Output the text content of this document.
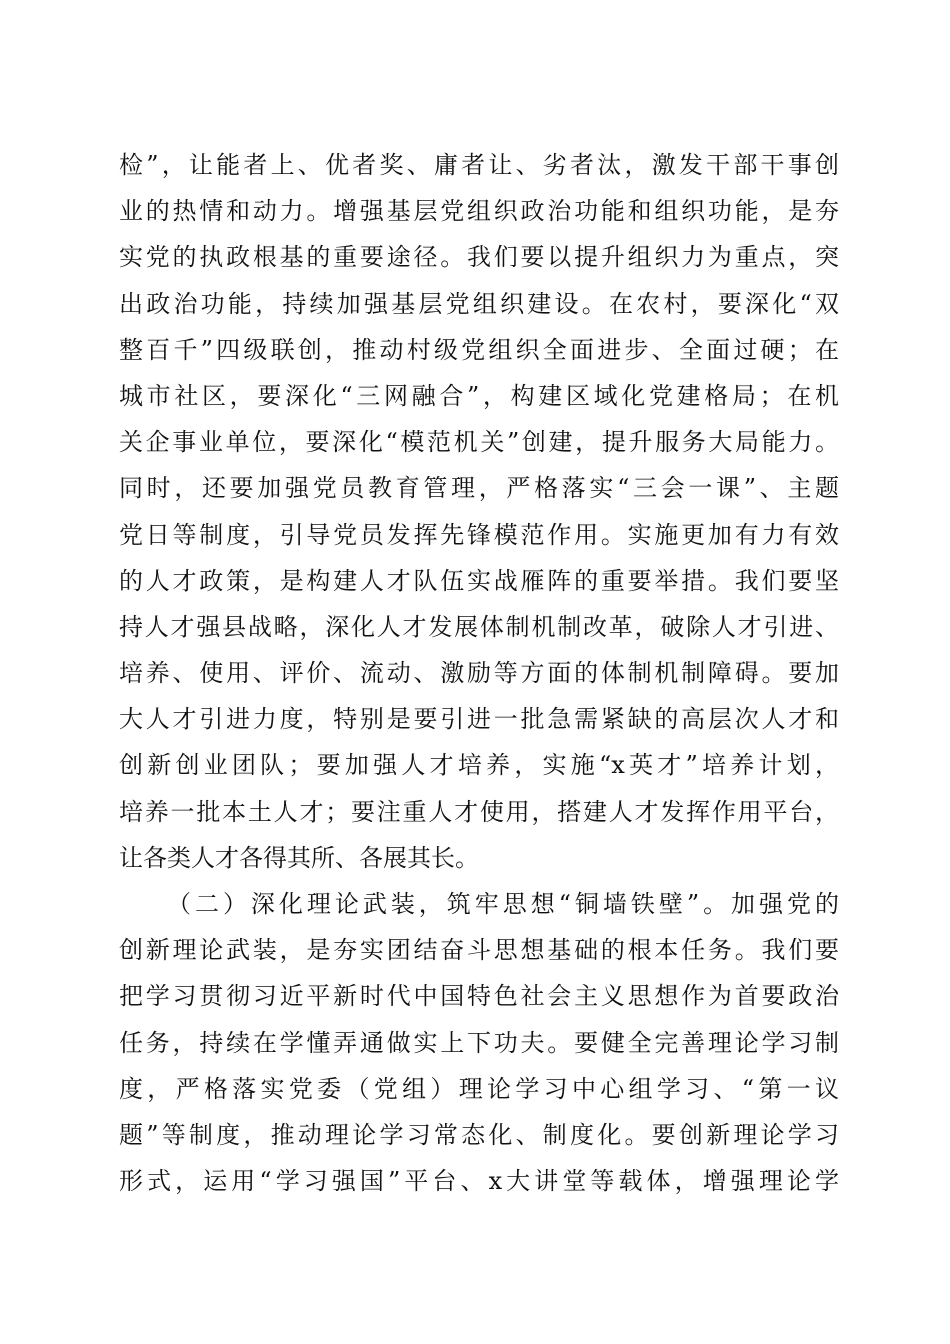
检”，让能者上、优者奖、庸者让、劣者汰，激发干部干事创
业的热情和动力。增强基层党组织政治功能和组织功能，是夯
实党的执政根基的重要途径。我们要以提升组织力为重点，突
出政治功能，持续加强基层党组织建设。在农村，要深化“双
整百千”四级联创，推动村级党组织全面进步、全面过硬；在
城市社区，要深化“三网融合”，构建区域化党建格局；在机
关企事业单位，要深化“模范机关”创建，提升服务大局能力。
同时，还要加强党员教育管理，严格落实“三会一课”、主题
党日等制度，引导党员发挥先锋模范作用。实施更加有力有效
的人才政策，是构建人才队伍实战雁阵的重要举措。我们要坚
持人才强县战略，深化人才发展体制机制改革，破除人才引进、
培养、使用、评价、流动、激励等方面的体制机制障碍。要加
大人才引进力度，特别是要引进一批急需紧缺的高层次人才和
创新创业团队；要加强人才培养，实施“x英才”培养计划，
培养一批本土人才；要注重人才使用，搭建人才发挥作用平台，
让各类人才各得其所、各展其长。
（二）深化理论武装，筑牢思想“铜墙铁壁”。加强党的
创新理论武装，是夯实团结奋斗思想基础的根本任务。我们要
把学习贯彻习近平新时代中国特色社会主义思想作为首要政治
任务，持续在学懂弄通做实上下功夫。要健全完善理论学习制
度，严格落实党委（党组）理论学习中心组学习、“第一议
题”等制度，推动理论学习常态化、制度化。要创新理论学习
形式，运用“学习强国”平台、x大讲堂等载体，增强理论学
